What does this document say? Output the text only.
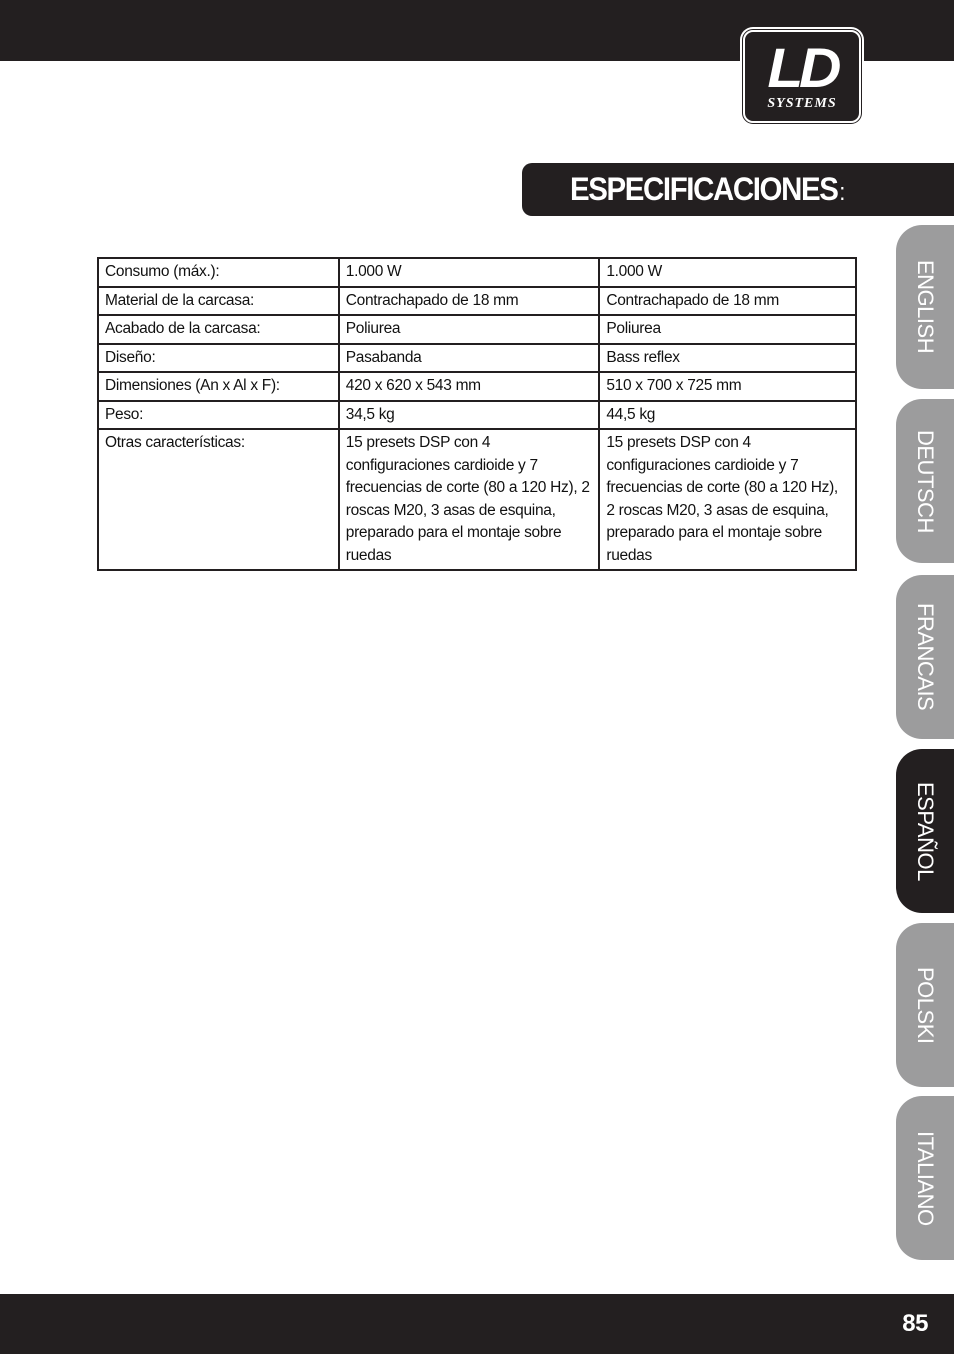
LD
SYSTEMS
ESPECIFICACIONES:
Consumo (máx.):	1.000 W	1.000 W
Material de la carcasa:	Contrachapado de 18 mm	Contrachapado de 18 mm
Acabado de la carcasa:	Poliurea	Poliurea
Diseño:	Pasabanda	Bass reflex
Dimensiones (An x Al x F):	420 x 620 x 543 mm	510 x 700 x 725 mm
Peso:	34,5 kg	44,5 kg
Otras características:	15 presets DSP con 4 configuraciones cardioide y 7 frecuencias de corte (80 a 120 Hz), 2 roscas M20, 3 asas de esquina, preparado para el montaje sobre ruedas	15 presets DSP con 4 configuraciones cardioide y 7 frecuencias de corte (80 a 120 Hz), 2 roscas M20, 3 asas de esquina, preparado para el montaje sobre ruedas
ENGLISH
DEUTSCH
FRANCAIS
ESPAÑOL
POLSKI
ITALIANO
85
